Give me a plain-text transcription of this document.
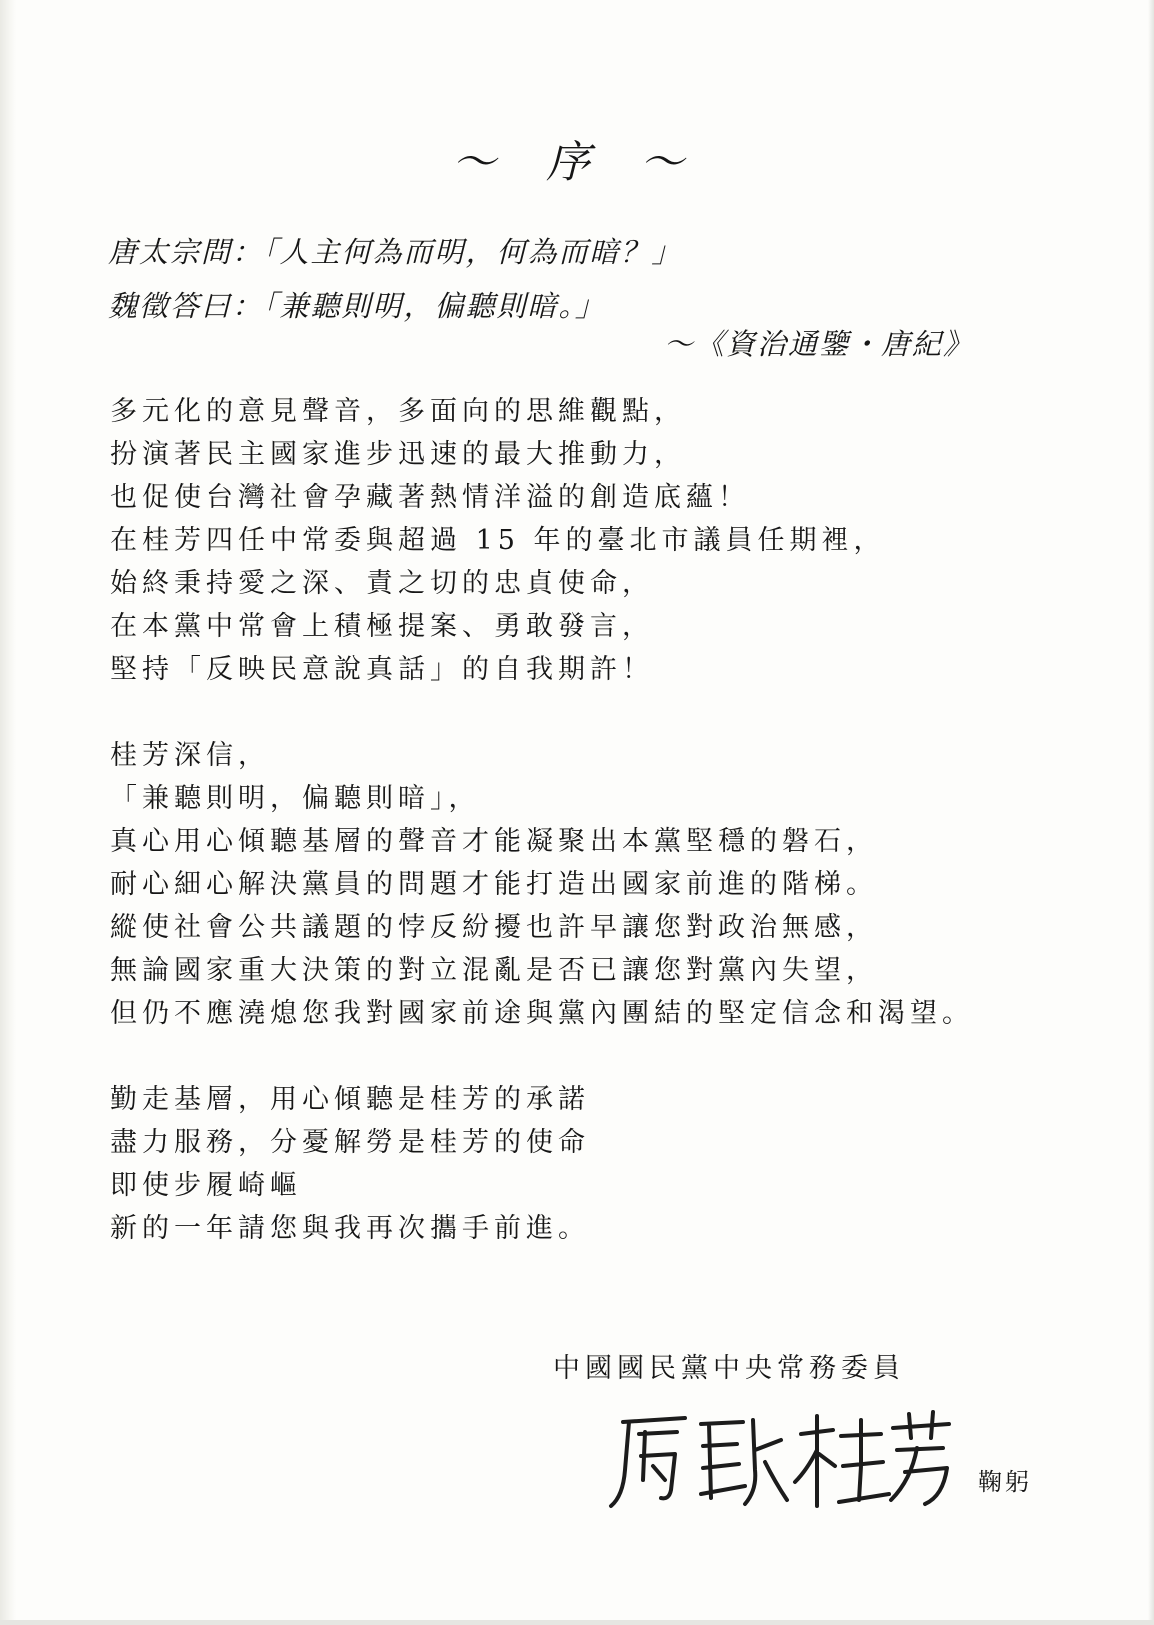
～ 序 ～
唐太宗問：「人主何為而明，何為而暗？」
魏徵答曰：「兼聽則明，偏聽則暗。」
～《資治通鑒・唐紀》
多元化的意見聲音，多面向的思維觀點，
扮演著民主國家進步迅速的最大推動力，
也促使台灣社會孕藏著熱情洋溢的創造底蘊！
在桂芳四任中常委與超過 15 年的臺北市議員任期裡，
始終秉持愛之深、責之切的忠貞使命，
在本黨中常會上積極提案、勇敢發言，
堅持「反映民意說真話」的自我期許！
桂芳深信，
「兼聽則明，偏聽則暗」，
真心用心傾聽基層的聲音才能凝聚出本黨堅穩的磐石，
耐心細心解決黨員的問題才能打造出國家前進的階梯。
縱使社會公共議題的悖反紛擾也許早讓您對政治無感，
無論國家重大決策的對立混亂是否已讓您對黨內失望，
但仍不應澆熄您我對國家前途與黨內團結的堅定信念和渴望。
勤走基層，用心傾聽是桂芳的承諾
盡力服務，分憂解勞是桂芳的使命
即使步履崎嶇
新的一年請您與我再次攜手前進。
中國國民黨中央常務委員
鞠躬
